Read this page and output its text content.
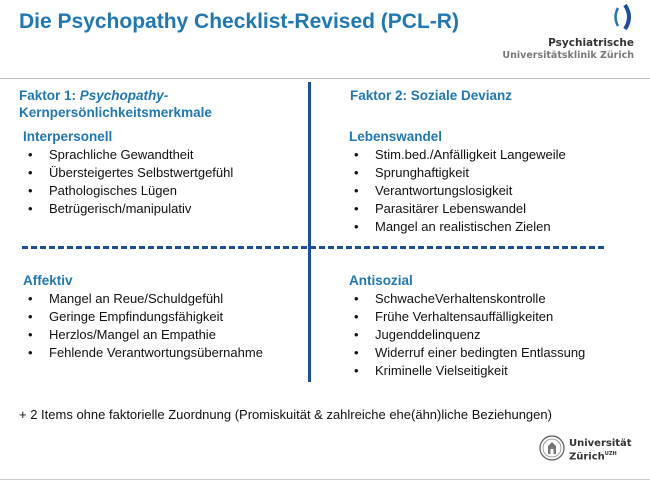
Die Psychopathy Checklist-Revised (PCL-R)
Psychiatrische
Universitätsklinik Zürich
Faktor 1: Psychopathy-
Kernpersönlichkeitsmerkmale
Faktor 2: Soziale Devianz
Interpersonell
• Sprachliche Gewandtheit
• Übersteigertes Selbstwertgefühl
• Pathologisches Lügen
• Betrügerisch/manipulativ
Lebenswandel
• Stim.bed./Anfälligkeit Langeweile
• Sprunghaftigkeit
• Verantwortungslosigkeit
• Parasitärer Lebenswandel
• Mangel an realistischen Zielen
Affektiv
• Mangel an Reue/Schuldgefühl
• Geringe Empfindungsfähigkeit
• Herzlos/Mangel an Empathie
• Fehlende Verantwortungsübernahme
Antisozial
• SchwacheVerhaltenskontrolle
• Frühe Verhaltensauffälligkeiten
• Jugenddelinquenz
• Widerruf einer bedingten Entlassung
• Kriminelle Vielseitigkeit
+ 2 Items ohne faktorielle Zuordnung (Promiskuität & zahlreiche ehe(ähn)liche Beziehungen)
Universität
Zürich$^{UZH}$
